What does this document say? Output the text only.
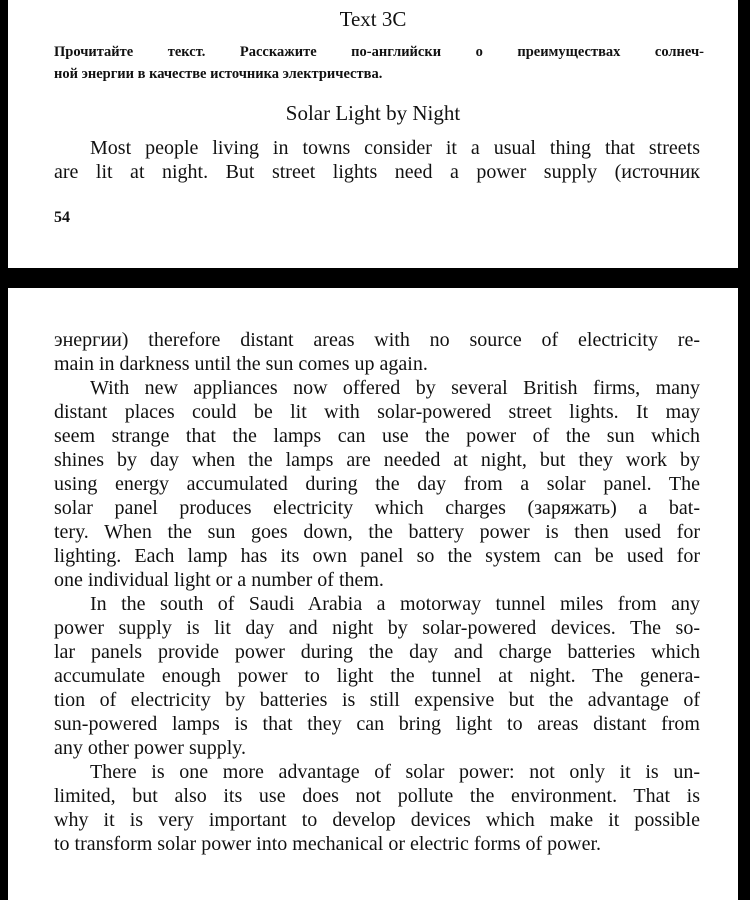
Text 3C
Прочитайте текст. Расскажите по-английски о преимуществах солнеч-
ной энергии в качестве источника электричества.
Solar Light by Night
Most people living in towns consider it a usual thing that streets
are lit at night. But street lights need a power supply (источник
54
энергии) therefore distant areas with no source of electricity re-
main in darkness until the sun comes up again.
With new appliances now offered by several British firms, many
distant places could be lit with solar-powered street lights. It may
seem strange that the lamps can use the power of the sun which
shines by day when the lamps are needed at night, but they work by
using energy accumulated during the day from a solar panel. The
solar panel produces electricity which charges (заряжать) a bat-
tery. When the sun goes down, the battery power is then used for
lighting. Each lamp has its own panel so the system can be used for
one individual light or a number of them.
In the south of Saudi Arabia a motorway tunnel miles from any
power supply is lit day and night by solar-powered devices. The so-
lar panels provide power during the day and charge batteries which
accumulate enough power to light the tunnel at night. The genera-
tion of electricity by batteries is still expensive but the advantage of
sun-powered lamps is that they can bring light to areas distant from
any other power supply.
There is one more advantage of solar power: not only it is un-
limited, but also its use does not pollute the environment. That is
why it is very important to develop devices which make it possible
to transform solar power into mechanical or electric forms of power.
